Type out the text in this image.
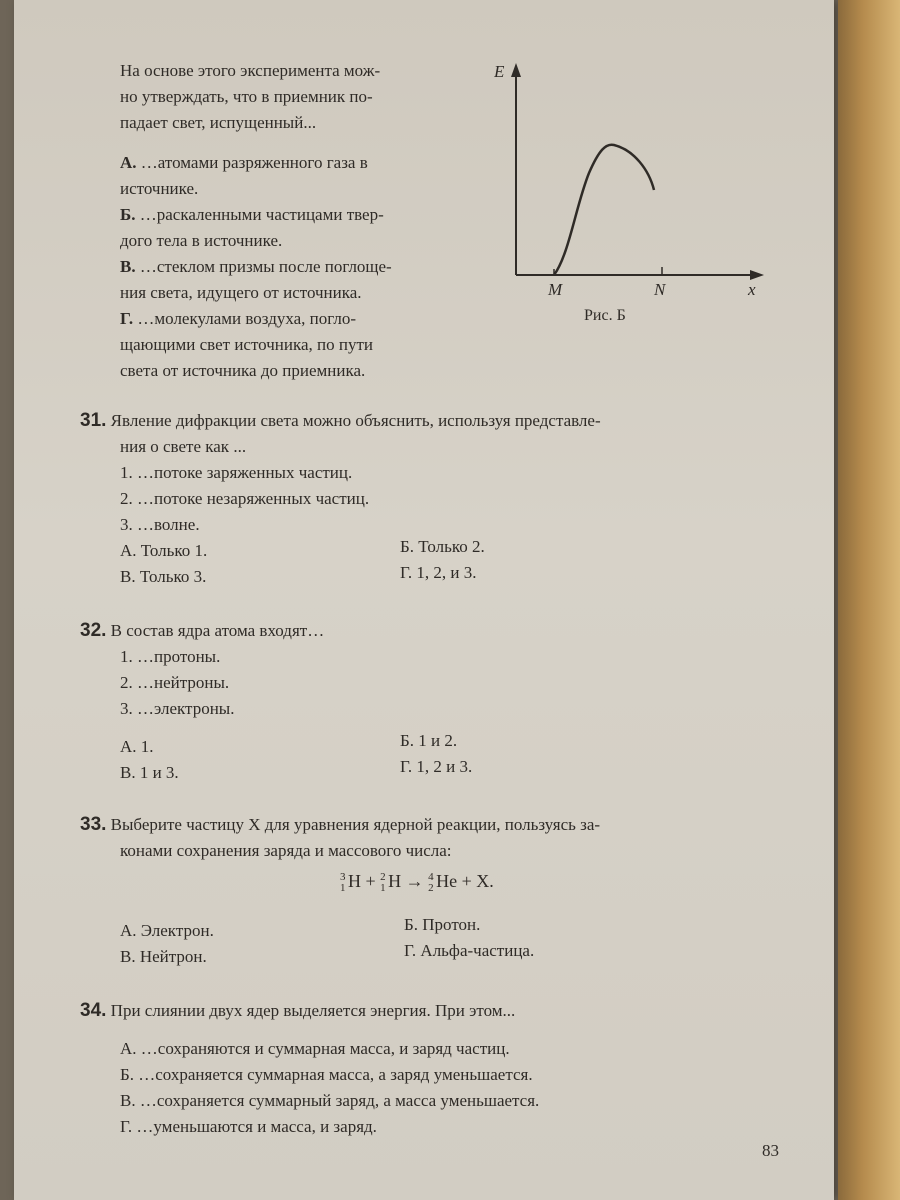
На основе этого эксперимента мож-
но утверждать, что в приемник по-
падает свет, испущенный...
А. …атомами разряженного газа в
источнике.
Б. …раскаленными частицами твер-
дого тела в источнике.
В. …стеклом призмы после поглоще-
ния света, идущего от источника.
Г. …молекулами воздуха, погло-
щающими свет источника, по пути
света от источника до приемника.
E
M	N	x
Рис. Б
31. Явление дифракции света можно объяснить, используя представле-
ния о свете как ...
1. …потоке заряженных частиц.
2. …потоке незаряженных частиц.
3. …волне.
А. Только 1.	Б. Только 2.
В. Только 3.	Г. 1, 2, и 3.
32. В состав ядра атома входят…
1. …протоны.
2. …нейтроны.
3. …электроны.
А. 1.	Б. 1 и 2.
В. 1 и 3.	Г. 1, 2 и 3.
33. Выберите частицу X для уравнения ядерной реакции, пользуясь за-
конами сохранения заряда и массового числа:
3
1 H + 2
1 H → 4
2 He + X.
А. Электрон.	Б. Протон.
В. Нейтрон.	Г. Альфа-частица.
34. При слиянии двух ядер выделяется энергия. При этом...
А. …сохраняются и суммарная масса, и заряд частиц.
Б. …сохраняется суммарная масса, а заряд уменьшается.
В. …сохраняется суммарный заряд, а масса уменьшается.
Г. …уменьшаются и масса, и заряд.
83
